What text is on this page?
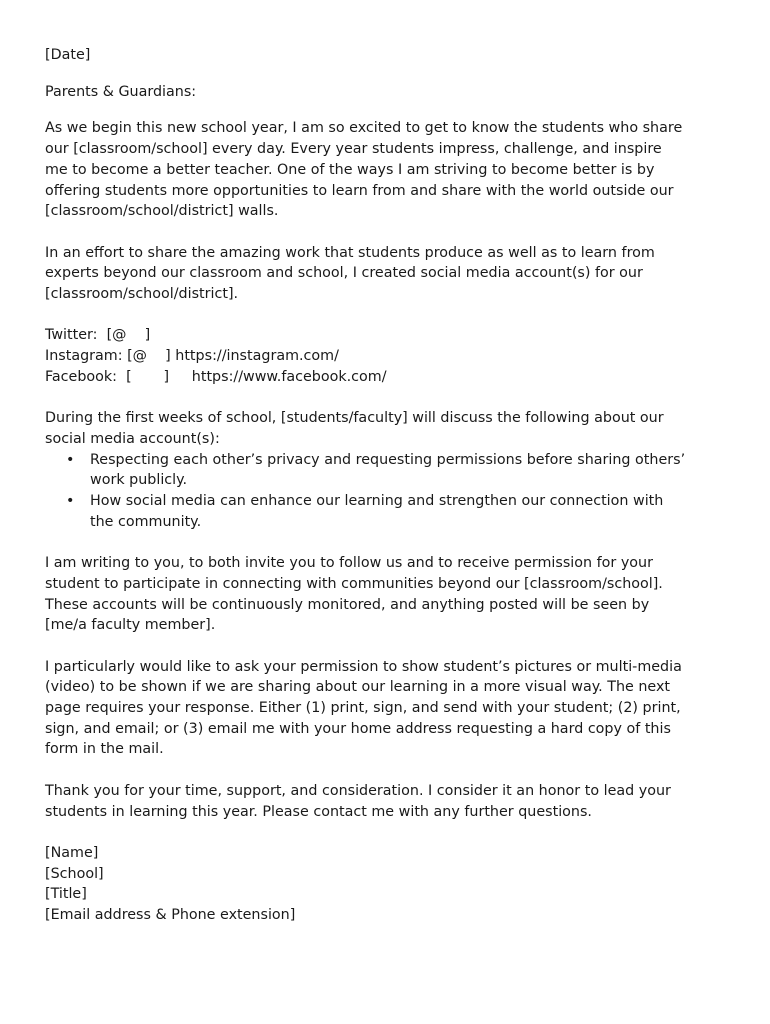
[Date]
Parents & Guardians:
As we begin this new school year, I am so excited to get to know the students who share
our [classroom/school] every day. Every year students impress, challenge, and inspire
me to become a better teacher. One of the ways I am striving to become better is by
offering students more opportunities to learn from and share with the world outside our
[classroom/school/district] walls.
In an effort to share the amazing work that students produce as well as to learn from
experts beyond our classroom and school, I created social media account(s) for our
[classroom/school/district].
Twitter:  [@    ]
Instagram: [@    ] https://instagram.com/
Facebook:  [       ]     https://www.facebook.com/
During the first weeks of school, [students/faculty] will discuss the following about our
social media account(s):
• Respecting each other’s privacy and requesting permissions before sharing others’
work publicly.
• How social media can enhance our learning and strengthen our connection with
the community.
I am writing to you, to both invite you to follow us and to receive permission for your
student to participate in connecting with communities beyond our [classroom/school].
These accounts will be continuously monitored, and anything posted will be seen by
[me/a faculty member].
I particularly would like to ask your permission to show student’s pictures or multi-media
(video) to be shown if we are sharing about our learning in a more visual way. The next
page requires your response. Either (1) print, sign, and send with your student; (2) print,
sign, and email; or (3) email me with your home address requesting a hard copy of this
form in the mail.
Thank you for your time, support, and consideration. I consider it an honor to lead your
students in learning this year. Please contact me with any further questions.
[Name]
[School]
[Title]
[Email address & Phone extension]
